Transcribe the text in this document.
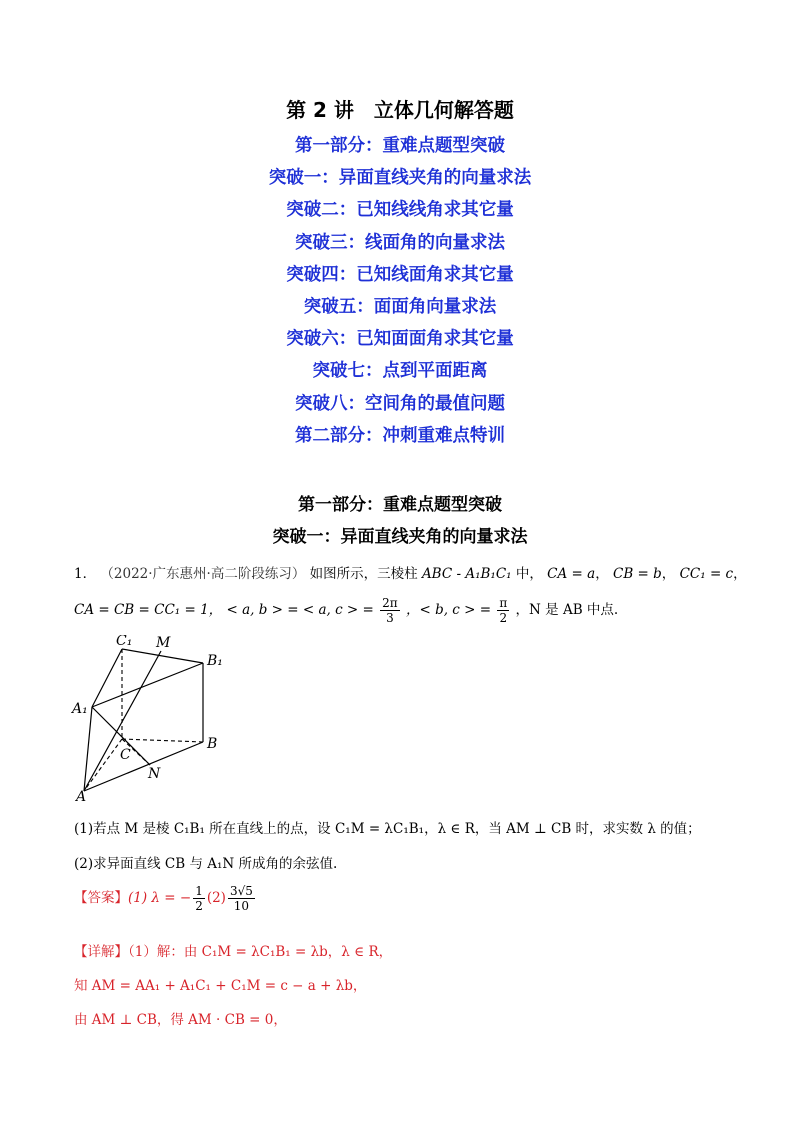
第 2 讲　立体几何解答题
第一部分：重难点题型突破
突破一：异面直线夹角的向量求法
突破二：已知线线角求其它量
突破三：线面角的向量求法
突破四：已知线面角求其它量
突破五：面面角向量求法
突破六：已知面面角求其它量
突破七：点到平面距离
突破八：空间角的最值问题
第二部分：冲刺重难点特训
第一部分：重难点题型突破
突破一：异面直线夹角的向量求法
1． （2022·广东惠州·高二阶段练习） 如图所示，三棱柱 ABC - A₁B₁C₁ 中， CA = a， CB = b， CC₁ = c，
CA = CB = CC₁ = 1， < a, b > = < a, c > = $\frac{2\pi}{3}$ ，< b, c > = $\frac{\pi}{2}$ ，N 是 AB 中点.
C₁ M
B₁
A₁
C
B
N
A
(1)若点 M 是棱 C₁B₁ 所在直线上的点，设 C₁M = λC₁B₁，λ ∈ R，当 AM ⊥ CB 时，求实数 λ 的值；
(2)求异面直线 CB 与 A₁N 所成角的余弦值.
【答案】(1) λ = − $\frac{1}{2} (2) \frac{3√5}{10}$
【详解】（1）解：由 C₁M = λC₁B₁ = λb，λ ∈ R，
知 AM = AA₁ + A₁C₁ + C₁M = c − a + λb，
由 AM ⊥ CB，得 AM · CB = 0，
